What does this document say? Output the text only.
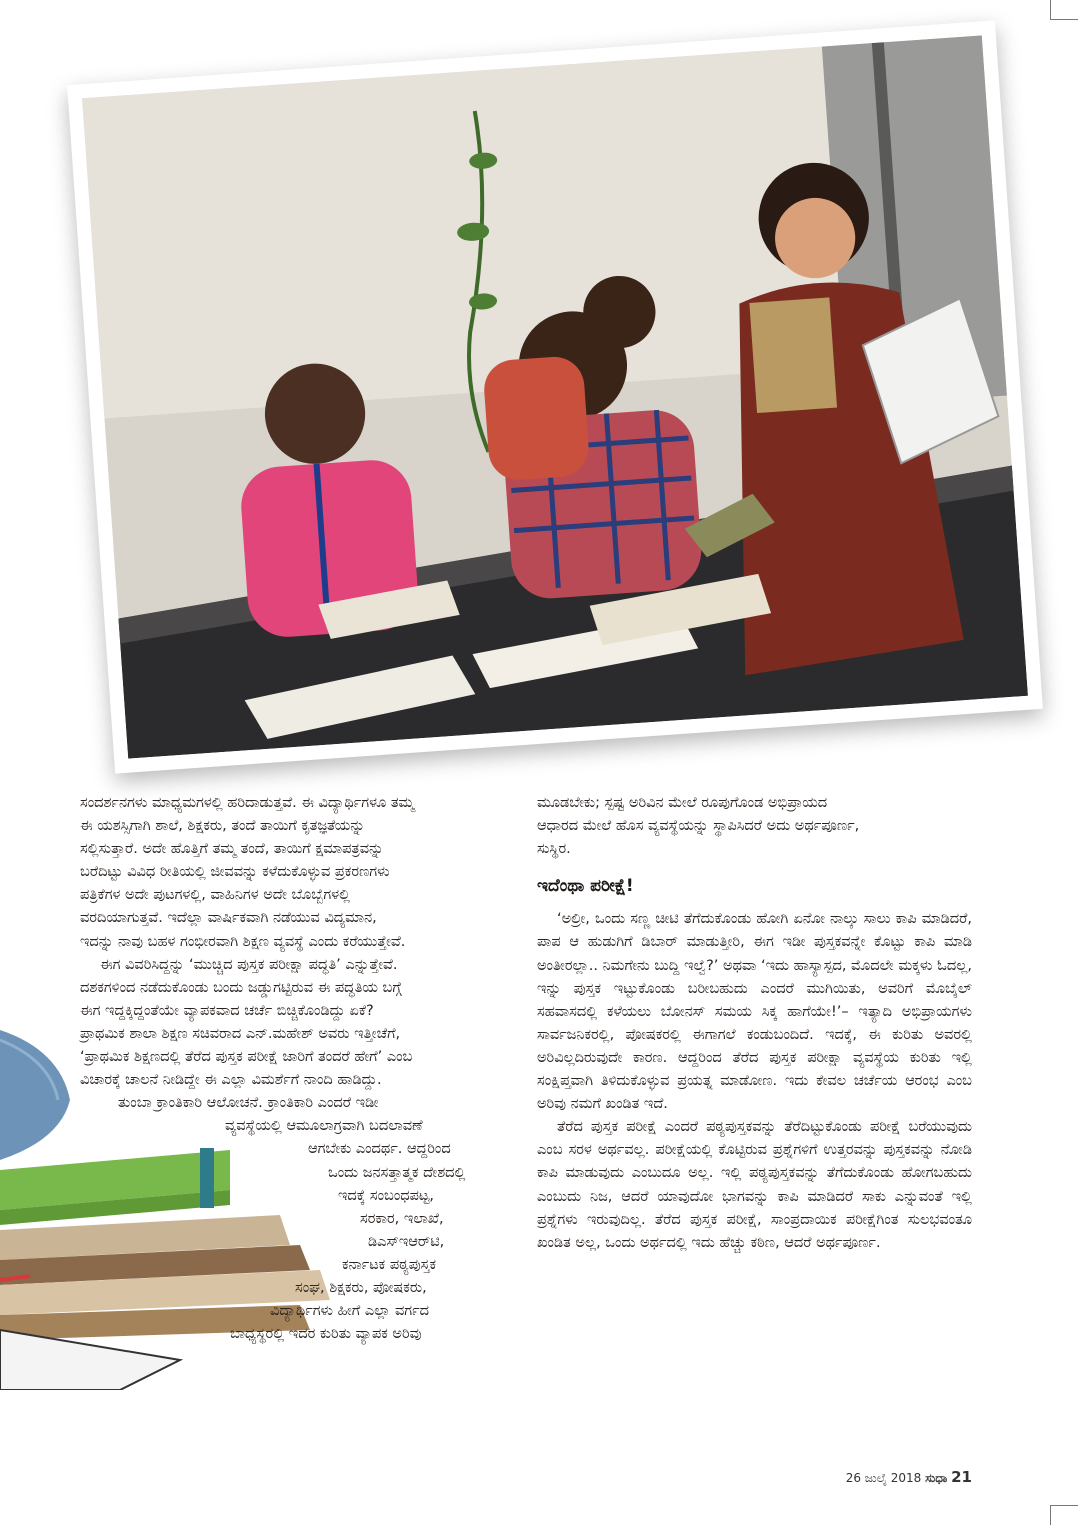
ಸಂದರ್ಶನಗಳು ಮಾಧ್ಯಮಗಳಲ್ಲಿ ಹರಿದಾಡುತ್ತವೆ. ಈ ವಿದ್ಯಾರ್ಥಿಗಳೂ ತಮ್ಮ
ಈ ಯಶಸ್ಸಿಗಾಗಿ ಶಾಲೆ, ಶಿಕ್ಷಕರು, ತಂದೆ ತಾಯಿಗೆ ಕೃತಜ್ಞತೆಯನ್ನು
ಸಲ್ಲಿಸುತ್ತಾರೆ. ಅದೇ ಹೊತ್ತಿಗೆ ತಮ್ಮ ತಂದೆ, ತಾಯಿಗೆ ಕ್ಷಮಾಪತ್ರವನ್ನು
ಬರೆದಿಟ್ಟು ವಿವಿಧ ರೀತಿಯಲ್ಲಿ ಜೀವವನ್ನು ಕಳೆದುಕೊಳ್ಳುವ ಪ್ರಕರಣಗಳು
ಪತ್ರಿಕೆಗಳ ಅದೇ ಪುಟಗಳಲ್ಲಿ, ವಾಹಿನಿಗಳ ಅದೇ ಬೊಬ್ಬೆಗಳಲ್ಲಿ
ವರದಿಯಾಗುತ್ತವೆ. ಇದೆಲ್ಲಾ ವಾರ್ಷಿಕವಾಗಿ ನಡೆಯುವ ವಿದ್ಯಮಾನ,
ಇದನ್ನು ನಾವು ಬಹಳ ಗಂಭೀರವಾಗಿ ಶಿಕ್ಷಣ ವ್ಯವಸ್ಥೆ ಎಂದು ಕರೆಯುತ್ತೇವೆ.

ಈಗ ವಿವರಿಸಿದ್ದನ್ನು ‘ಮುಚ್ಚಿದ ಪುಸ್ತಕ ಪರೀಕ್ಷಾ ಪದ್ಧತಿ’ ಎನ್ನುತ್ತೇವೆ.
ದಶಕಗಳಿಂದ ನಡೆದುಕೊಂಡು ಬಂದು ಜಡ್ಡುಗಟ್ಟಿರುವ ಈ ಪದ್ಧತಿಯ ಬಗ್ಗೆ
ಈಗ ಇದ್ದಕ್ಕಿದ್ದಂತೆಯೇ ವ್ಯಾಪಕವಾದ ಚರ್ಚೆ ಬಿಚ್ಚಿಕೊಂಡಿದ್ದು ಏಕೆ?
ಪ್ರಾಥಮಿಕ ಶಾಲಾ ಶಿಕ್ಷಣ ಸಚಿವರಾದ ಎನ್.ಮಹೇಶ್ ಅವರು ಇತ್ತೀಚೆಗೆ,
‘ಪ್ರಾಥಮಿಕ ಶಿಕ್ಷಣದಲ್ಲಿ ತೆರೆದ ಪುಸ್ತಕ ಪರೀಕ್ಷೆ ಜಾರಿಗೆ ತಂದರೆ ಹೇಗೆ’ ಎಂಬ
ವಿಚಾರಕ್ಕೆ ಚಾಲನೆ ನೀಡಿದ್ದೇ ಈ ಎಲ್ಲಾ ವಿಮರ್ಶೆಗೆ ನಾಂದಿ ಹಾಡಿದ್ದು.

ತುಂಬಾ ಕ್ರಾಂತಿಕಾರಿ ಆಲೋಚನೆ. ಕ್ರಾಂತಿಕಾರಿ ಎಂದರೆ ಇಡೀ
ವ್ಯವಸ್ಥೆಯಲ್ಲಿ ಆಮೂಲಾಗ್ರವಾಗಿ ಬದಲಾವಣೆ
ಆಗಬೇಕು ಎಂದರ್ಥ. ಆದ್ದರಿಂದ
ಒಂದು ಜನಸತ್ತಾತ್ಮಕ ದೇಶದಲ್ಲಿ
ಇದಕ್ಕೆ ಸಂಬಂಧಪಟ್ಟ,
ಸರಕಾರ, ಇಲಾಖೆ,
ಡಿಎಸ್‌ಇಆರ್‌ಟಿ,
ಕರ್ನಾಟಕ ಪಠ್ಯಪುಸ್ತಕ
ಸಂಘ, ಶಿಕ್ಷಕರು, ಪೋಷಕರು,
ವಿದ್ಯಾರ್ಥಿಗಳು ಹೀಗೆ ಎಲ್ಲಾ ವರ್ಗದ
ಬಾಧ್ಯಸ್ಥರಲ್ಲಿ ಇದರ ಕುರಿತು ವ್ಯಾಪಕ ಅರಿವು

ಮೂಡಬೇಕು; ಸ್ಪಷ್ಟ ಅರಿವಿನ ಮೇಲೆ ರೂಪುಗೊಂಡ ಅಭಿಪ್ರಾಯದ
ಆಧಾರದ ಮೇಲೆ ಹೊಸ ವ್ಯವಸ್ಥೆಯನ್ನು ಸ್ಥಾಪಿಸಿದರೆ ಅದು ಅರ್ಥಪೂರ್ಣ,
ಸುಸ್ಥಿರ.

ಇದೆಂಥಾ ಪರೀಕ್ಷೆ!

‘ಅಲ್ರೀ, ಒಂದು ಸಣ್ಣ ಚೀಟಿ ತೆಗೆದುಕೊಂಡು ಹೋಗಿ ಏನೋ ನಾಲ್ಕು ಸಾಲು ಕಾಪಿ ಮಾಡಿದರೆ, ಪಾಪ ಆ ಹುಡುಗಿಗೆ ಡಿಬಾರ್ ಮಾಡುತ್ತೀರಿ, ಈಗ ಇಡೀ ಪುಸ್ತಕವನ್ನೇ ಕೊಟ್ಟು ಕಾಪಿ ಮಾಡಿ ಅಂತೀರಲ್ಲಾ.. ನಿಮಗೇನು ಬುದ್ದಿ ಇಲ್ವೆ?’ ಅಥವಾ ‘ಇದು ಹಾಸ್ಯಾಸ್ಪದ, ಮೊದಲೇ ಮಕ್ಕಳು ಓದಲ್ಲ, ಇನ್ನು ಪುಸ್ತಕ ಇಟ್ಟುಕೊಂಡು ಬರೀಬಹುದು ಎಂದರೆ ಮುಗಿಯಿತು, ಅವರಿಗೆ ಮೊಬೈಲ್ ಸಹವಾಸದಲ್ಲಿ ಕಳೆಯಲು ಬೋನಸ್ ಸಮಯ ಸಿಕ್ಕ ಹಾಗೆಯೇ!’– ಇತ್ಯಾದಿ ಅಭಿಪ್ರಾಯಗಳು ಸಾರ್ವಜನಿಕರಲ್ಲಿ, ಪೋಷಕರಲ್ಲಿ ಈಗಾಗಲೆ ಕಂಡುಬಂದಿದೆ. ಇದಕ್ಕೆ, ಈ ಕುರಿತು ಅವರಲ್ಲಿ ಅರಿವಿಲ್ಲದಿರುವುದೇ ಕಾರಣ. ಆದ್ದರಿಂದ ತೆರೆದ ಪುಸ್ತಕ ಪರೀಕ್ಷಾ ವ್ಯವಸ್ಥೆಯ ಕುರಿತು ಇಲ್ಲಿ ಸಂಕ್ಷಿಪ್ತವಾಗಿ ತಿಳಿದುಕೊಳ್ಳುವ ಪ್ರಯತ್ನ ಮಾಡೋಣ. ಇದು ಕೇವಲ ಚರ್ಚೆಯ ಆರಂಭ ಎಂಬ ಅರಿವು ನಮಗೆ ಖಂಡಿತ ಇದೆ.

ತೆರೆದ ಪುಸ್ತಕ ಪರೀಕ್ಷೆ ಎಂದರೆ ಪಠ್ಯಪುಸ್ತಕವನ್ನು ತೆರೆದಿಟ್ಟುಕೊಂಡು ಪರೀಕ್ಷೆ ಬರೆಯುವುದು ಎಂಬ ಸರಳ ಅರ್ಥವಲ್ಲ. ಪರೀಕ್ಷೆಯಲ್ಲಿ ಕೊಟ್ಟಿರುವ ಪ್ರಶ್ನೆಗಳಿಗೆ ಉತ್ತರವನ್ನು ಪುಸ್ತಕವನ್ನು ನೋಡಿ ಕಾಪಿ ಮಾಡುವುದು ಎಂಬುದೂ ಅಲ್ಲ. ಇಲ್ಲಿ ಪಠ್ಯಪುಸ್ತಕವನ್ನು ತೆಗೆದುಕೊಂಡು ಹೋಗಬಹುದು ಎಂಬುದು ನಿಜ, ಆದರೆ ಯಾವುದೋ ಭಾಗವನ್ನು ಕಾಪಿ ಮಾಡಿದರೆ ಸಾಕು ಎನ್ನುವಂತೆ ಇಲ್ಲಿ ಪ್ರಶ್ನೆಗಳು ಇರುವುದಿಲ್ಲ. ತೆರೆದ ಪುಸ್ತಕ ಪರೀಕ್ಷೆ, ಸಾಂಪ್ರದಾಯಿಕ ಪರೀಕ್ಷೆಗಿಂತ ಸುಲಭವಂತೂ ಖಂಡಿತ ಅಲ್ಲ, ಒಂದು ಅರ್ಥದಲ್ಲಿ ಇದು ಹೆಚ್ಚು ಕಠಿಣ, ಆದರೆ ಅರ್ಥಪೂರ್ಣ.

26 ಜುಲೈ 2018 ಸುಧಾ 21
